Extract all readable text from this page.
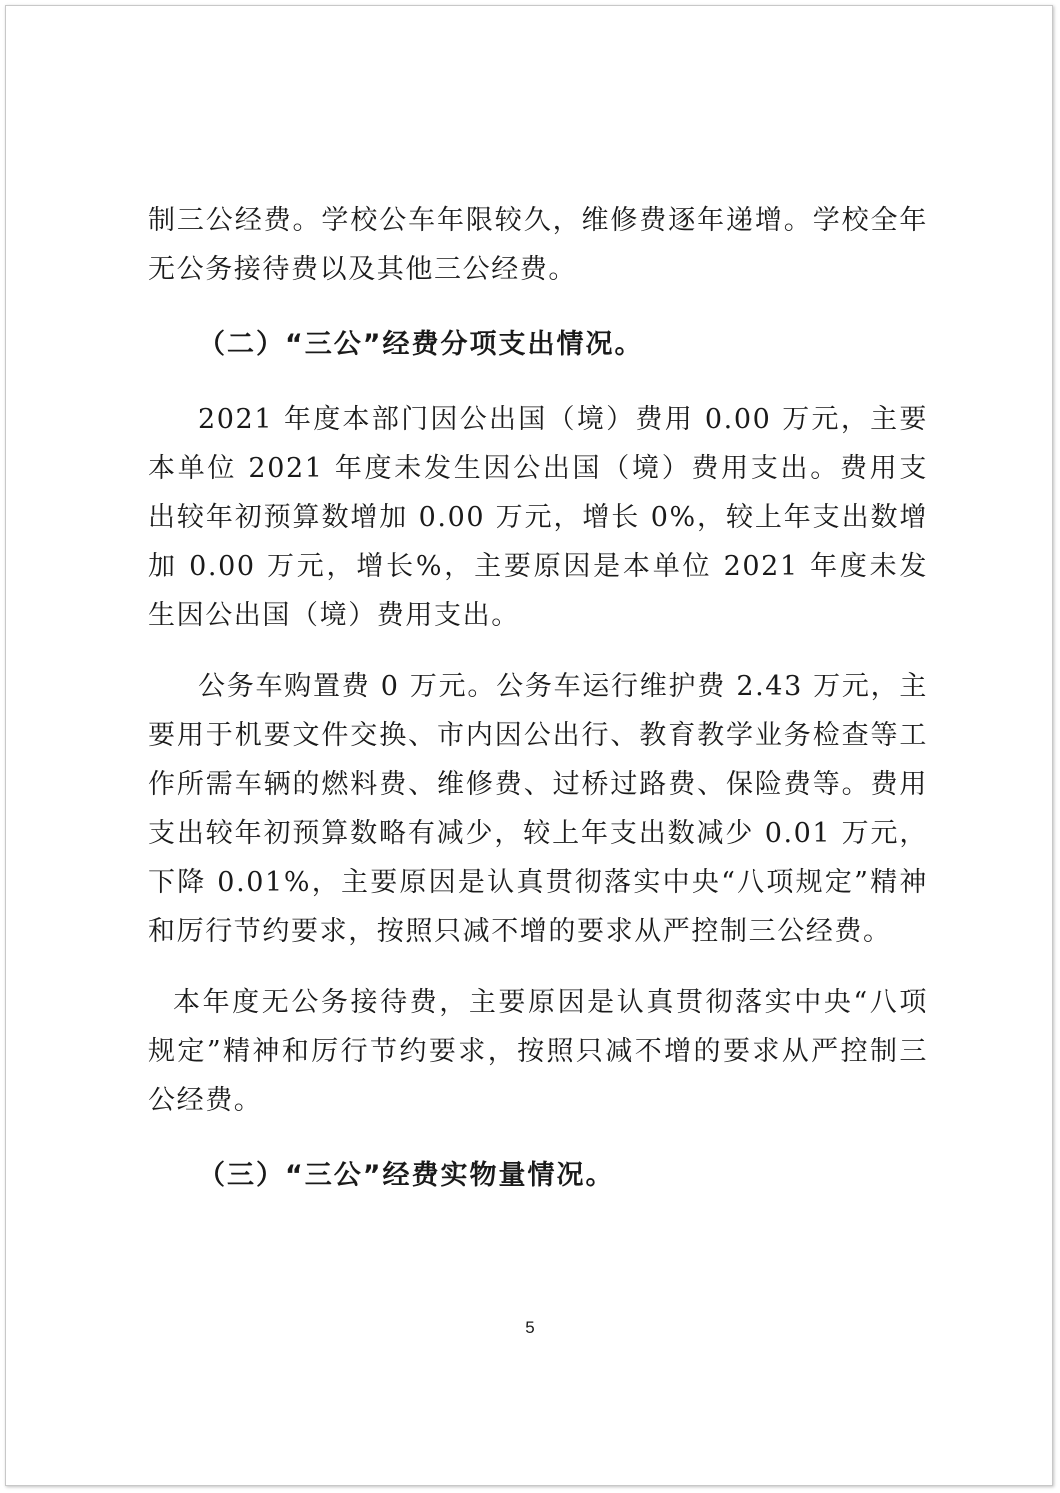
制三公经费。学校公车年限较久，维修费逐年递增。学校全年无公务接待费以及其他三公经费。

（二）“三公”经费分项支出情况。

2021 年度本部门因公出国（境）费用 0.00 万元，主要本单位 2021 年度未发生因公出国（境）费用支出。费用支出较年初预算数增加 0.00 万元，增长 0%，较上年支出数增加 0.00 万元，增长%，主要原因是本单位 2021 年度未发生因公出国（境）费用支出。

公务车购置费 0 万元。公务车运行维护费 2.43 万元，主要用于机要文件交换、市内因公出行、教育教学业务检查等工作所需车辆的燃料费、维修费、过桥过路费、保险费等。费用支出较年初预算数略有减少，较上年支出数减少 0.01 万元，下降 0.01%，主要原因是认真贯彻落实中央“八项规定”精神和厉行节约要求，按照只减不增的要求从严控制三公经费。

本年度无公务接待费，主要原因是认真贯彻落实中央“八项规定”精神和厉行节约要求，按照只减不增的要求从严控制三公经费。

（三）“三公”经费实物量情况。

5
